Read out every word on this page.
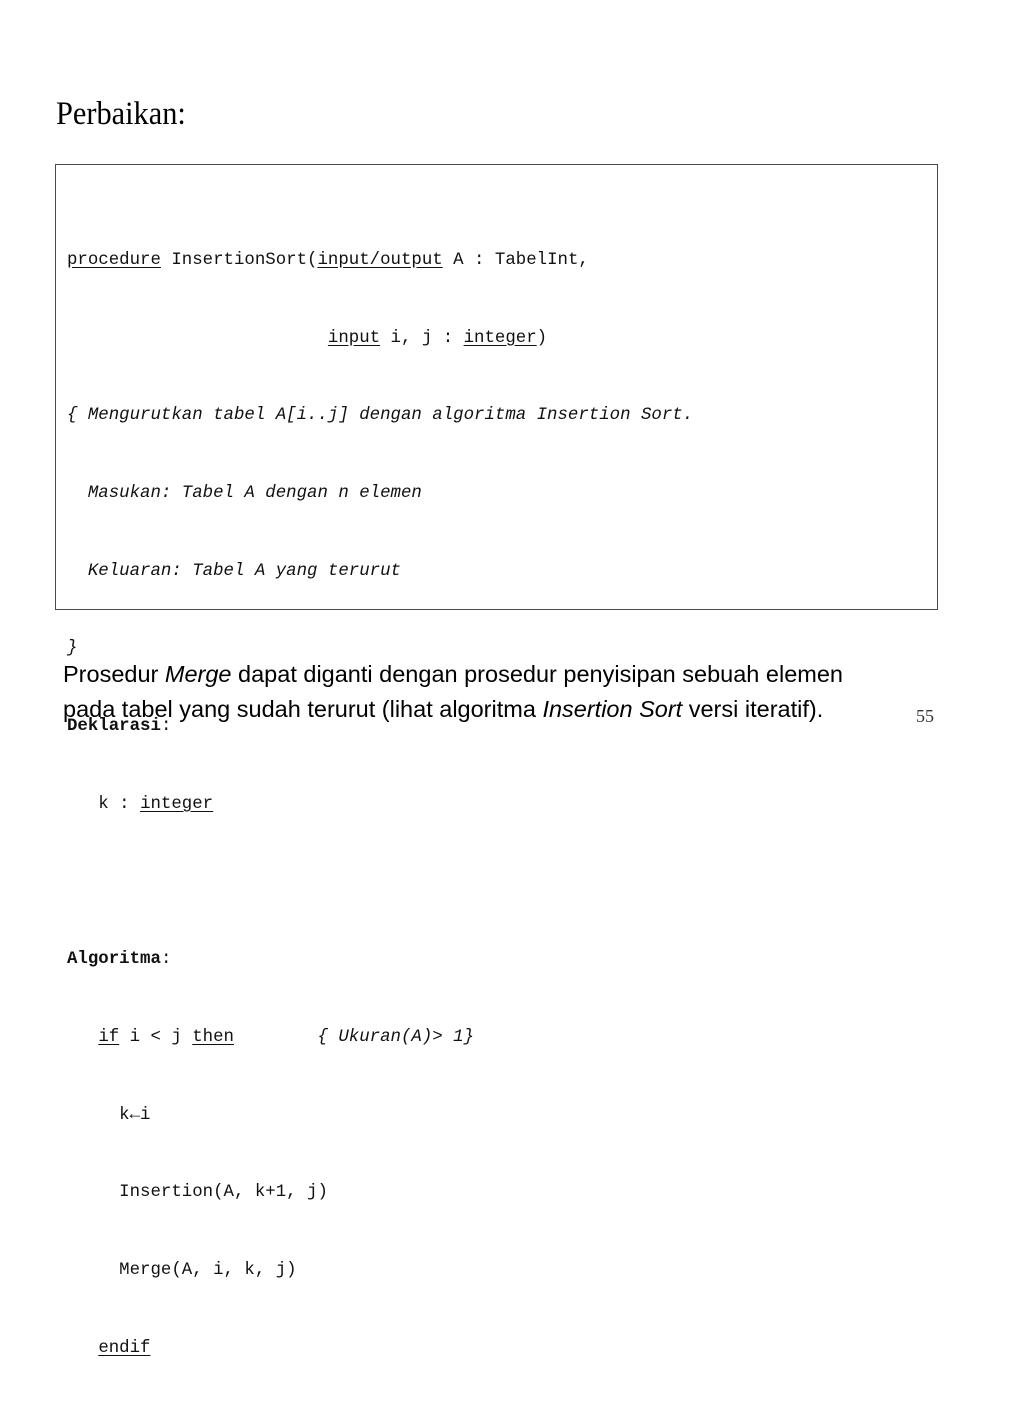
Perbaikan:

procedure InsertionSort(input/output A : TabelInt,

input i, j : integer)

{ Mengurutkan tabel A[i..j] dengan algoritma Insertion Sort.

Masukan: Tabel A dengan n elemen

Keluaran: Tabel A yang terurut

}

Deklarasi:

k : integer

Algoritma:

if i < j then	{ Ukuran(A)> 1}

k←i

Insertion(A, k+1, j)

Merge(A, i, k, j)

endif

Prosedur Merge dapat diganti dengan prosedur penyisipan sebuah elemen
pada tabel yang sudah terurut (lihat algoritma Insertion Sort versi iteratif).	55
